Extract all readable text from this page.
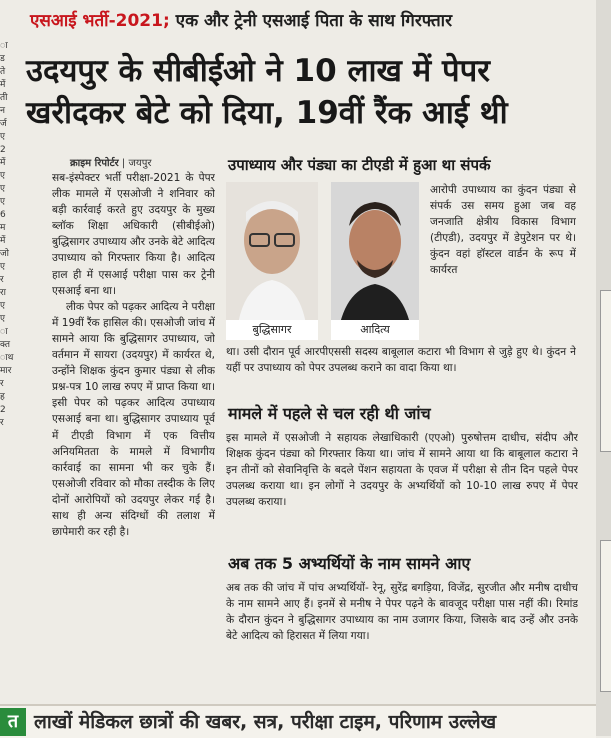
ा
ड
ते
में
ती
न
र्ज
ए
2
में
ए
ए
ए
6
म
में
जो
ए
र
रा
ए
ए
ा
क्त
ाथ
मार
र
ह
2
र
एसआई भर्ती-2021; एक और ट्रेनी एसआई पिता के साथ गिरफ्तार
उदयपुर के सीबीईओ ने 10 लाख में पेपर
खरीदकर बेटे को दिया, 19वीं रैंक आई थी
क्राइम रिपोर्टर | जयपुर

सब-इंस्पेक्टर भर्ती परीक्षा-2021 के पेपर लीक मामले में एसओजी ने शनिवार को बड़ी कार्रवाई करते हुए उदयपुर के मुख्य ब्लॉक शिक्षा अधिकारी (सीबीईओ) बुद्धिसागर उपाध्याय और उनके बेटे आदित्य उपाध्याय को गिरफ्तार किया है। आदित्य हाल ही में एसआई परीक्षा पास कर ट्रेनी एसआई बना था।

लीक पेपर को पढ़कर आदित्य ने परीक्षा में 19वीं रैंक हासिल की। एसओजी जांच में सामने आया कि बुद्धिसागर उपाध्याय, जो वर्तमान में सायरा (उदयपुर) में कार्यरत थे, उन्होंने शिक्षक कुंदन कुमार पंड्या से लीक प्रश्न-पत्र 10 लाख रुपए में प्राप्त किया था। इसी पेपर को पढ़कर आदित्य उपाध्याय एसआई बना था। बुद्धिसागर उपाध्याय पूर्व में टीएडी विभाग में एक वित्तीय अनियमितता के मामले में विभागीय कार्रवाई का सामना भी कर चुके हैं। एसओजी रविवार को मौका तस्दीक के लिए दोनों आरोपियों को उदयपुर लेकर गई है। साथ ही अन्य संदिग्धों की तलाश में छापेमारी कर रही है।

उपाध्याय और पंड्या का टीएडी में हुआ था संपर्क
बुद्धिसागर	आदित्य

आरोपी उपाध्याय का कुंदन पंड्या से संपर्क उस समय हुआ जब वह जनजाति क्षेत्रीय विकास विभाग (टीएडी), उदयपुर में डेपुटेशन पर थे। कुंदन वहां हॉस्टल वार्डन के रूप में कार्यरत

था। उसी दौरान पूर्व आरपीएससी सदस्य बाबूलाल कटारा भी विभाग से जुड़े हुए थे। कुंदन ने यहीं पर उपाध्याय को पेपर उपलब्ध कराने का वादा किया था।

मामले में पहले से चल रही थी जांच

इस मामले में एसओजी ने सहायक लेखाधिकारी (एएओ) पुरुषोत्तम दाधीच, संदीप और शिक्षक कुंदन पंड्या को गिरफ्तार किया था। जांच में सामने आया था कि बाबूलाल कटारा ने इन तीनों को सेवानिवृत्ति के बदले पेंशन सहायता के एवज में परीक्षा से तीन दिन पहले पेपर उपलब्ध कराया था। इन लोगों ने उदयपुर के अभ्यर्थियों को 10-10 लाख रुपए में पेपर उपलब्ध कराया।

अब तक 5 अभ्यर्थियों के नाम सामने आए

अब तक की जांच में पांच अभ्यर्थियों- रेनू, सुरेंद्र बगड़िया, विजेंद्र, सुरजीत और मनीष दाधीच के नाम सामने आए हैं। इनमें से मनीष ने पेपर पढ़ने के बावजूद परीक्षा पास नहीं की। रिमांड के दौरान कुंदन ने बुद्धिसागर उपाध्याय का नाम उजागर किया, जिसके बाद उन्हें और उनके बेटे आदित्य को हिरासत में लिया गया।

त लाखों मेडिकल छात्रों की खबर, सत्र, परीक्षा टाइम, परिणाम उल्लेख
